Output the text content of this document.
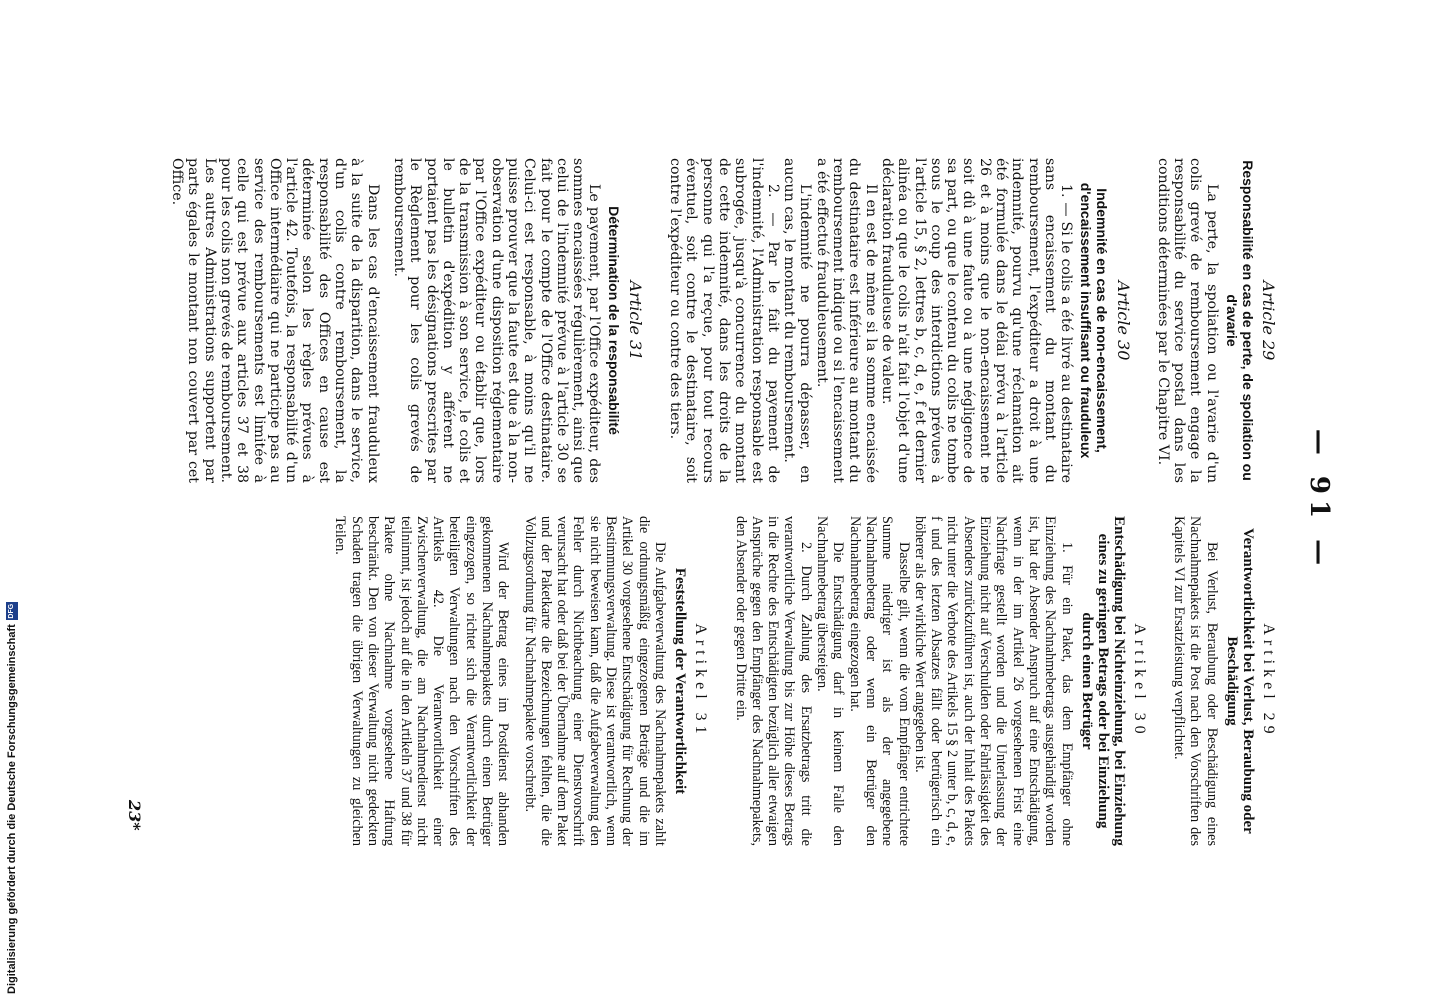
— 91 —
Article 29
Responsabilité en cas de perte, de spoliation ou d'avarie

La perte, la spoliation ou l'avarie d'un colis grevé de remboursement engage la responsabilité du service postal dans les conditions déterminées par le Chapitre VI.

Article 30
Indemnité en cas de non-encaissement, d'encaissement insuffisant ou frauduleux

1. — Si le colis a été livré au destinataire sans encaissement du montant du remboursement, l'expéditeur a droit à une indemnité, pourvu qu'une réclamation ait été formulée dans le délai prévu à l'article 26 et à moins que le non-encaissement ne soit dû à une faute ou à une négligence de sa part, ou que le contenu du colis ne tombe sous le coup des interdictions prévues à l'article 15, § 2, lettres b, c, d, e, f et dernier alinéa ou que le colis n'ait fait l'objet d'une déclaration frauduleuse de valeur.

Il en est de même si la somme encaissée du destinataire est inférieure au montant du remboursement indiqué ou si l'encaissement a été effectué frauduleusement.

L'indemnité ne pourra dépasser, en aucun cas, le montant du remboursement.

2. — Par le fait du payement de l'indemnité, l'Administration responsable est subrogée, jusqu'à concurrence du montant de cette indemnité, dans les droits de la personne qui l'a reçue, pour tout recours éventuel, soit contre le destinataire, soit contre l'expéditeur ou contre des tiers.

Article 31
Détermination de la responsabilité

Le payement, par l'Office expéditeur, des sommes encaissées régulièrement, ainsi que celui de l'indemnité prévue à l'article 30 se fait pour le compte de l'Office destinataire. Celui-ci est responsable, à moins qu'il ne puisse prouver que la faute est due à la non-observation d'une disposition réglementaire par l'Office expéditeur ou établir que, lors de la transmission à son service, le colis et le bulletin d'expédition y afférent ne portaient pas les désignations prescrites par le Règlement pour les colis grevés de remboursement.

Dans les cas d'encaissement frauduleux à la suite de la disparition, dans le service, d'un colis contre remboursement, la responsabilité des Offices en cause est déterminée selon les règles prévues à l'article 42. Toutefois, la responsabilité d'un Office intermédiaire qui ne participe pas au service des remboursements est limitée à celle qui est prévue aux articles 37 et 38 pour les colis non grevés de remboursement. Les autres Administrations supportent par parts égales le montant non couvert par cet Office.

Artikel 29
Verantwortlichkeit bei Verlust, Beraubung oder Beschädigung

Bei Verlust, Beraubung oder Beschädigung eines Nachnahmepakets ist die Post nach den Vorschriften des Kapitels VI zur Ersatzleistung verpflichtet.

Artikel 30
Entschädigung bei Nichteinziehung, bei Einziehung eines zu geringen Betrags oder bei Einziehung durch einen Betrüger

1. Für ein Paket, das dem Empfänger ohne Einziehung des Nachnahmebetrags ausgehändigt worden ist, hat der Absender Anspruch auf eine Entschädigung, wenn in der im Artikel 26 vorgesehenen Frist eine Nachfrage gestellt worden und die Unterlassung der Einziehung nicht auf Verschulden oder Fahrlässigkeit des Absenders zurückzuführen ist, auch der Inhalt des Pakets nicht unter die Verbote des Artikels 15 § 2 unter b, c, d, e, f und des letzten Absatzes fällt oder betrügerisch ein höherer als der wirkliche Wert angegeben ist.

Dasselbe gilt, wenn die vom Empfänger entrichtete Summe niedriger ist als der angegebene Nachnahmebetrag oder wenn ein Betrüger den Nachnahmebetrag eingezogen hat.

Die Entschädigung darf in keinem Falle den Nachnahmebetrag übersteigen.

2. Durch Zahlung des Ersatzbetrags tritt die verantwortliche Verwaltung bis zur Höhe dieses Betrags in die Rechte des Entschädigten bezüglich aller etwaigen Ansprüche gegen den Empfänger des Nachnahmepakets, den Absender oder gegen Dritte ein.

Artikel 31
Feststellung der Verantwortlichkeit

Die Aufgabeverwaltung des Nachnahmepakets zahlt die ordnungsmäßig eingezogenen Beträge und die im Artikel 30 vorgesehene Entschädigung für Rechnung der Bestimmungsverwaltung. Diese ist verantwortlich, wenn sie nicht beweisen kann, daß die Aufgabeverwaltung den Fehler durch Nichtbeachtung einer Dienstvorschrift verursacht hat oder daß bei der Übernahme auf dem Paket und der Paketkarte die Bezeichnungen fehlten, die die Vollzugsordnung für Nachnahmepakete vorschreibt.

Wird der Betrag eines im Postdienst abhanden gekommenen Nachnahmepakets durch einen Betrüger eingezogen, so richtet sich die Verantwortlichkeit der beteiligten Verwaltungen nach den Vorschriften des Artikels 42. Die Verantwortlichkeit einer Zwischenverwaltung, die am Nachnahmedienst nicht teilnimmt, ist jedoch auf die in den Artikeln 37 und 38 für Pakete ohne Nachnahme vorgesehene Haftung beschränkt. Den von dieser Verwaltung nicht gedeckten Schaden tragen die übrigen Verwaltungen zu gleichen Teilen.

23*
Digitalisierung gefördert durch die Deutsche Forschungsgemeinschaft
DFG
